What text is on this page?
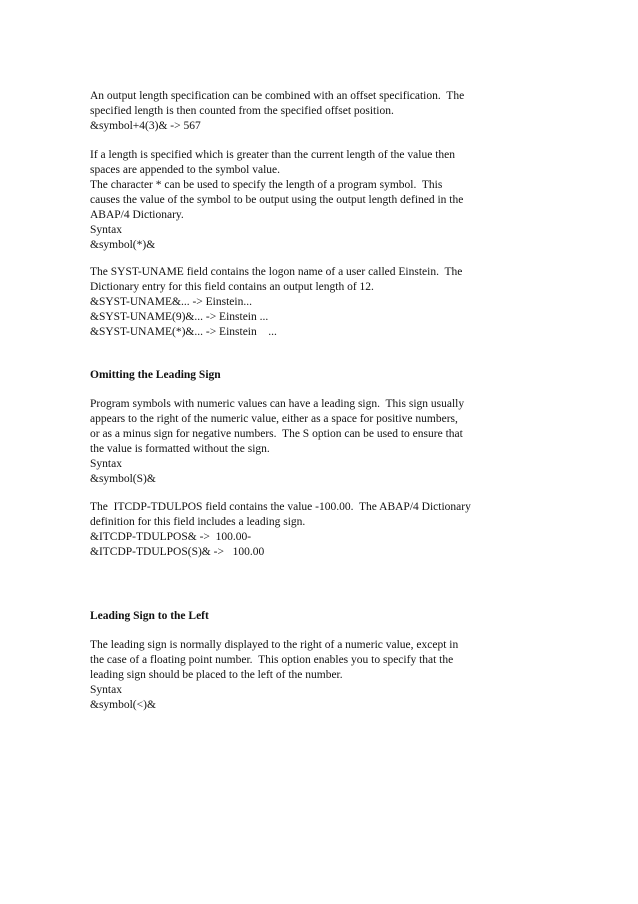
An output length specification can be combined with an offset specification.  The
specified length is then counted from the specified offset position.
&symbol+4(3)& -> 567
If a length is specified which is greater than the current length of the value then
spaces are appended to the symbol value.
The character * can be used to specify the length of a program symbol.  This
causes the value of the symbol to be output using the output length defined in the
ABAP/4 Dictionary.
Syntax
&symbol(*)&
The SYST-UNAME field contains the logon name of a user called Einstein.  The
Dictionary entry for this field contains an output length of 12.
&SYST-UNAME&... -> Einstein...
&SYST-UNAME(9)&... -> Einstein ...
&SYST-UNAME(*)&... -> Einstein    ...
Omitting the Leading Sign
Program symbols with numeric values can have a leading sign.  This sign usually
appears to the right of the numeric value, either as a space for positive numbers,
or as a minus sign for negative numbers.  The S option can be used to ensure that
the value is formatted without the sign.
Syntax
&symbol(S)&
The  ITCDP-TDULPOS field contains the value -100.00.  The ABAP/4 Dictionary
definition for this field includes a leading sign.
&ITCDP-TDULPOS& ->  100.00-
&ITCDP-TDULPOS(S)& ->   100.00
Leading Sign to the Left
The leading sign is normally displayed to the right of a numeric value, except in
the case of a floating point number.  This option enables you to specify that the
leading sign should be placed to the left of the number.
Syntax
&symbol(<)&
